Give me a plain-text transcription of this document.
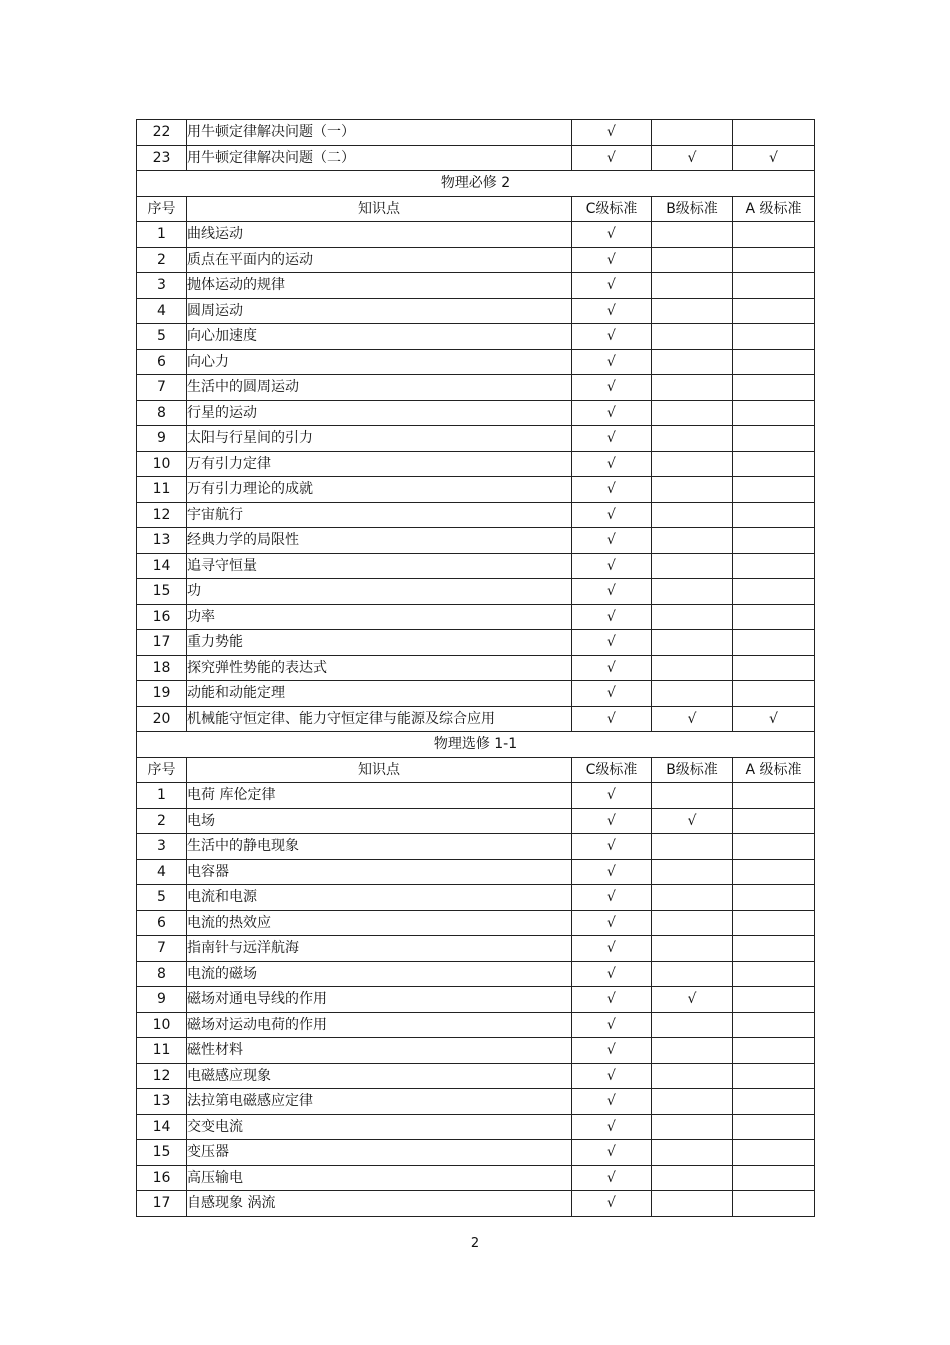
22	用牛顿定律解决问题（一）	√		
23	用牛顿定律解决问题（二）	√	√	√
物理必修 2				
序号	知识点	C级标准	B级标准	A 级标准
1	曲线运动	√		
2	质点在平面内的运动	√		
3	抛体运动的规律	√		
4	圆周运动	√		
5	向心加速度	√		
6	向心力	√		
7	生活中的圆周运动	√		
8	行星的运动	√		
9	太阳与行星间的引力	√		
10	万有引力定律	√		
11	万有引力理论的成就	√		
12	宇宙航行	√		
13	经典力学的局限性	√		
14	追寻守恒量	√		
15	功	√		
16	功率	√		
17	重力势能	√		
18	探究弹性势能的表达式	√		
19	动能和动能定理	√		
20	机械能守恒定律、能力守恒定律与能源及综合应用	√	√	√
物理选修 1-1				
序号	知识点	C级标准	B级标准	A 级标准
1	电荷 库伦定律	√		
2	电场	√	√	
3	生活中的静电现象	√		
4	电容器	√		
5	电流和电源	√		
6	电流的热效应	√		
7	指南针与远洋航海	√		
8	电流的磁场	√		
9	磁场对通电导线的作用	√	√	
10	磁场对运动电荷的作用	√		
11	磁性材料	√		
12	电磁感应现象	√		
13	法拉第电磁感应定律	√		
14	交变电流	√		
15	变压器	√		
16	高压输电	√		
17	自感现象 涡流	√		
2
